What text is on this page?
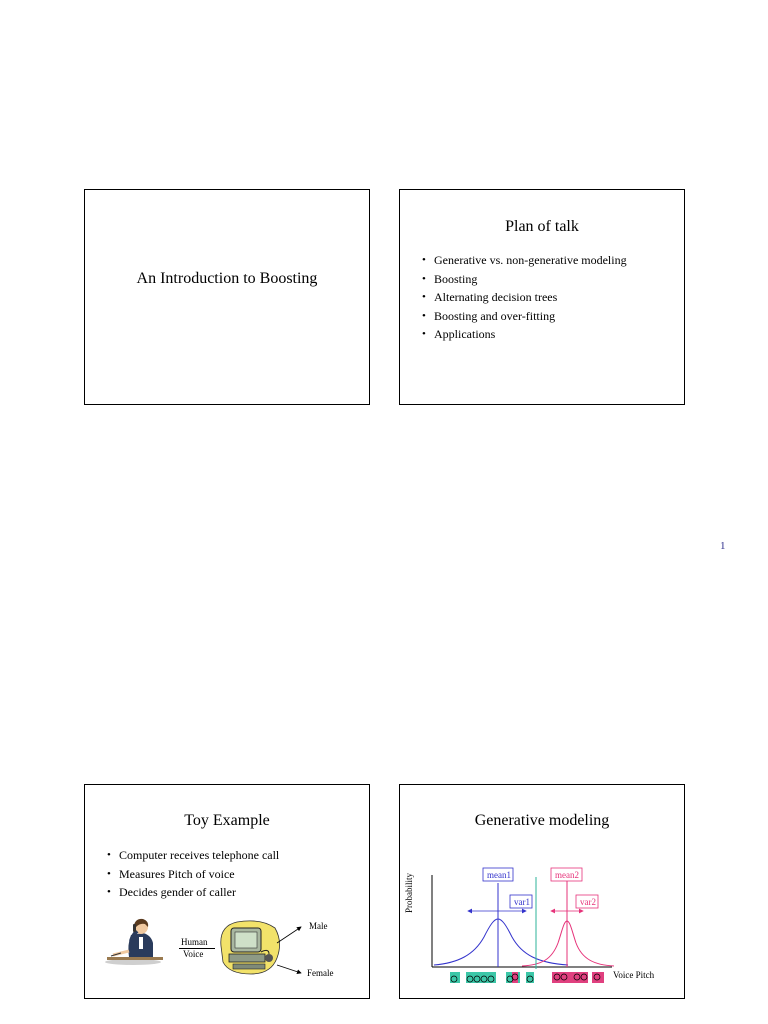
An Introduction to Boosting
Plan of talk
• Generative vs. non-generative modeling
• Boosting
• Alternating decision trees
• Boosting and over-fitting
• Applications
1
Toy Example
• Computer receives telephone call
• Measures Pitch of voice
• Decides gender of caller
Human
Voice
Male
Female
Generative modeling
Probability
Voice Pitch
mean1
var1
mean2
var2
